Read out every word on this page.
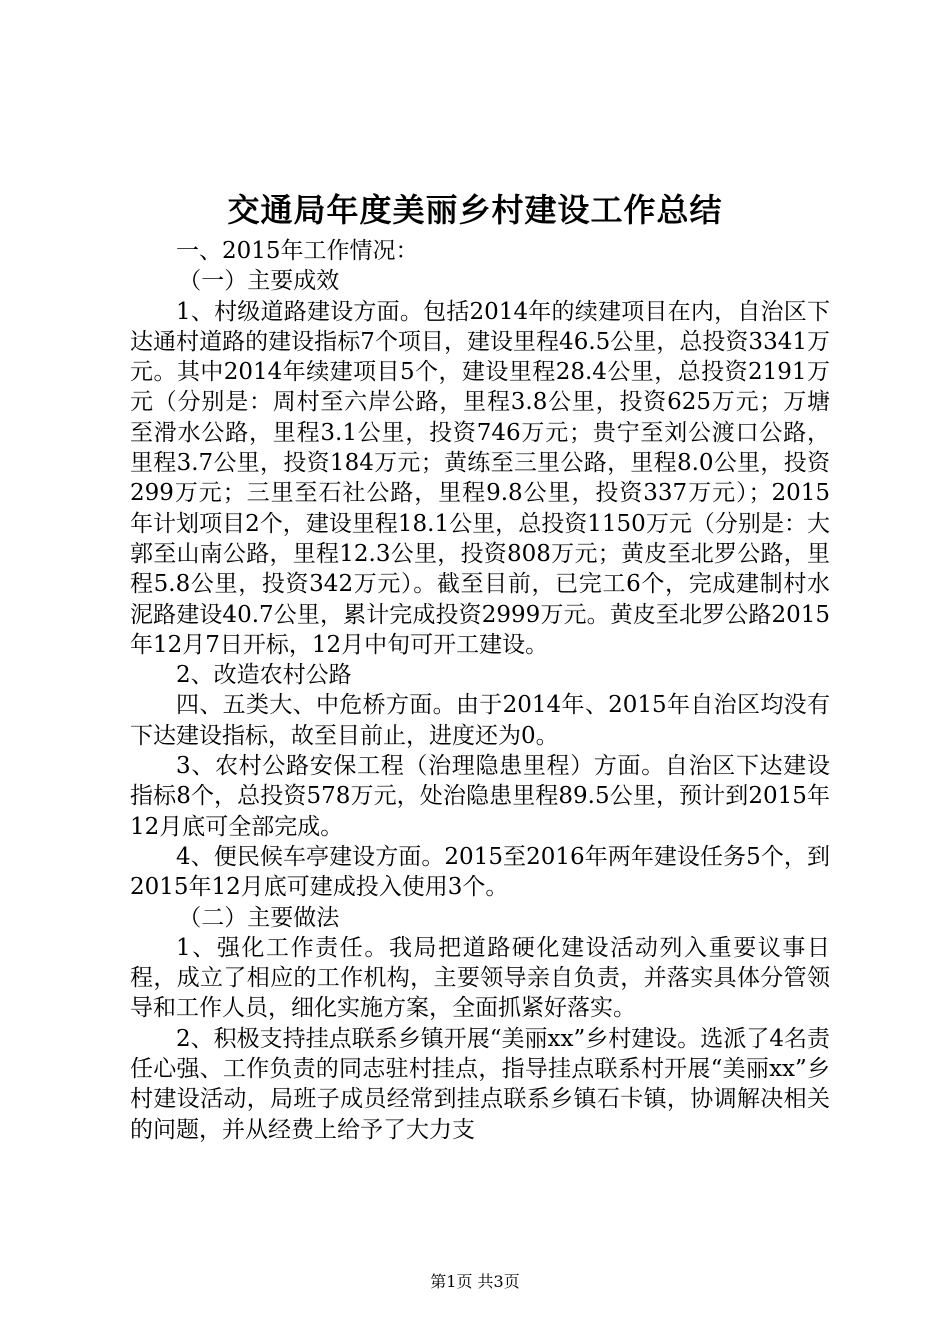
交通局年度美丽乡村建设工作总结

一、2015年工作情况：

（一）主要成效

1、村级道路建设方面。包括2014年的续建项目在内，自治区下达通村道路的建设指标7个项目，建设里程46.5公里，总投资3341万元。其中2014年续建项目5个，建设里程28.4公里，总投资2191万元（分别是：周村至六岸公路，里程3.8公里，投资625万元；万塘至滑水公路，里程3.1公里，投资746万元；贵宁至刘公渡口公路，里程3.7公里，投资184万元；黄练至三里公路，里程8.0公里，投资299万元；三里至石社公路，里程9.8公里，投资337万元）；2015年计划项目2个，建设里程18.1公里，总投资1150万元（分别是：大郭至山南公路，里程12.3公里，投资808万元；黄皮至北罗公路，里程5.8公里，投资342万元）。截至目前，已完工6个，完成建制村水泥路建设40.7公里，累计完成投资2999万元。黄皮至北罗公路2015年12月7日开标，12月中旬可开工建设。

2、改造农村公路

四、五类大、中危桥方面。由于2014年、2015年自治区均没有下达建设指标，故至目前止，进度还为0。

3、农村公路安保工程（治理隐患里程）方面。自治区下达建设指标8个，总投资578万元，处治隐患里程89.5公里，预计到2015年12月底可全部完成。

4、便民候车亭建设方面。2015至2016年两年建设任务5个，到2015年12月底可建成投入使用3个。

（二）主要做法

1、强化工作责任。我局把道路硬化建设活动列入重要议事日程，成立了相应的工作机构，主要领导亲自负责，并落实具体分管领导和工作人员，细化实施方案，全面抓紧好落实。

2、积极支持挂点联系乡镇开展“美丽xx”乡村建设。选派了4名责任心强、工作负责的同志驻村挂点，指导挂点联系村开展“美丽xx”乡村建设活动，局班子成员经常到挂点联系乡镇石卡镇，协调解决相关的问题，并从经费上给予了大力支

第1页 共3页
